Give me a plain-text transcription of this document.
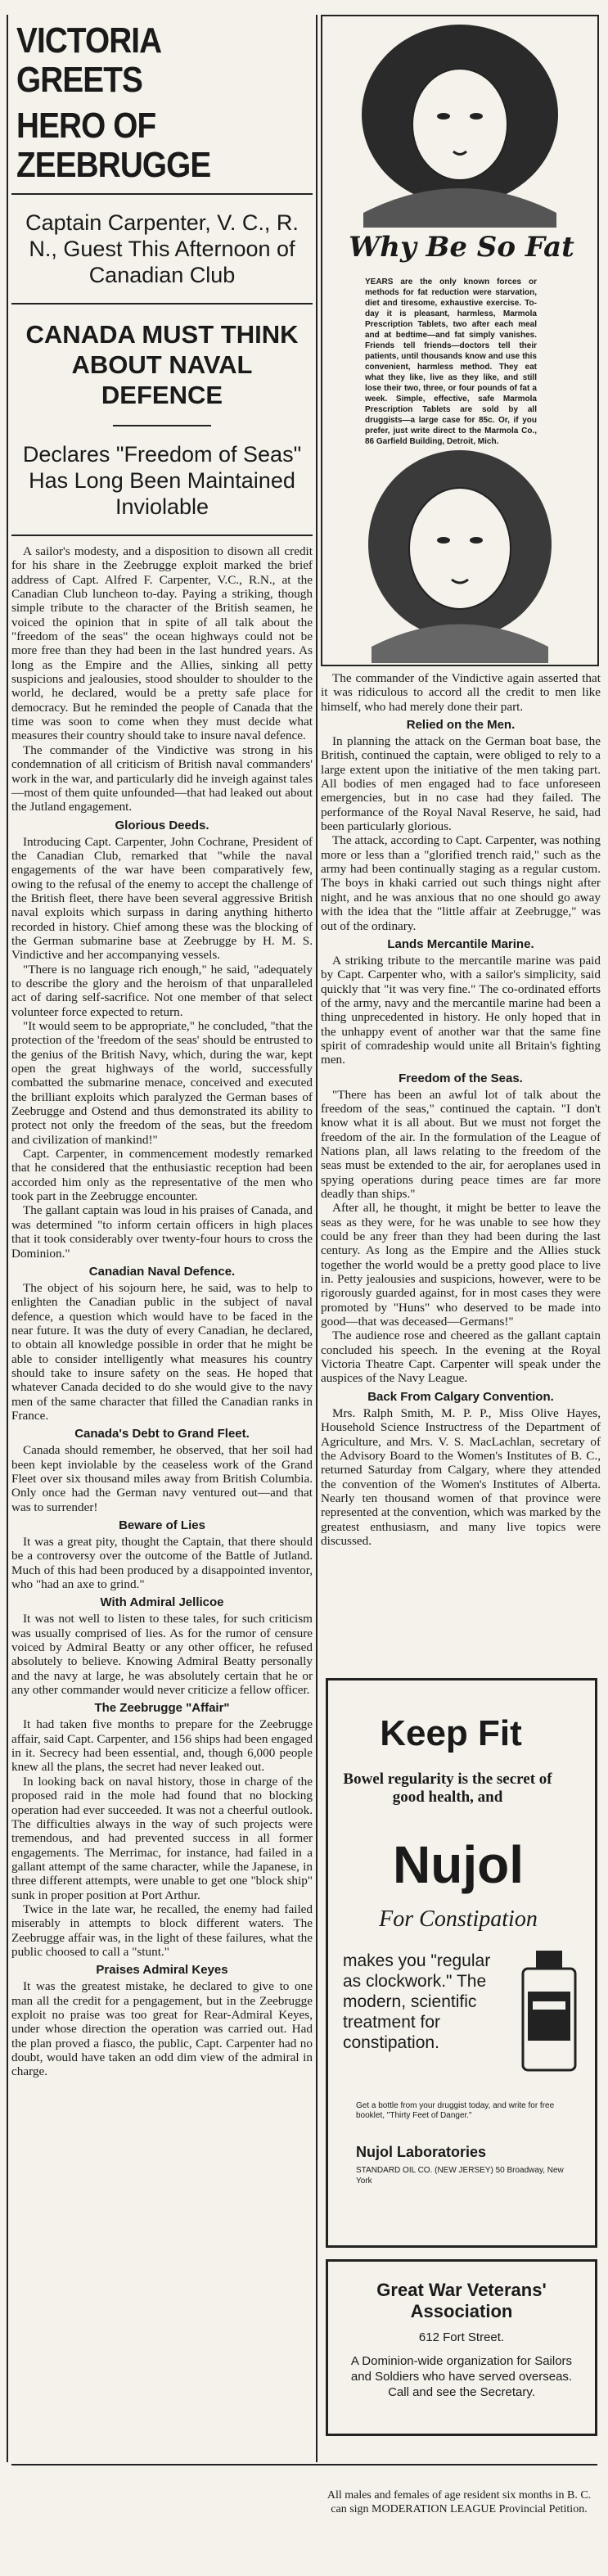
VICTORIA GREETS
HERO OF ZEEBRUGGE
Captain Carpenter, V. C., R. N., Guest This Afternoon of Canadian Club
CANADA MUST THINK ABOUT NAVAL DEFENCE
Declares "Freedom of Seas" Has Long Been Maintained Inviolable

A sailor's modesty, and a disposition to disown all credit for his share in the Zeebrugge exploit marked the brief address of Capt. Alfred F. Carpenter, V.C., R.N., at the Canadian Club luncheon to-day. Paying a striking, though simple tribute to the character of the British seamen, he voiced the opinion that in spite of all talk about the "freedom of the seas" the ocean highways could not be more free than they had been in the last hundred years. As long as the Empire and the Allies, sinking all petty suspicions and jealousies, stood shoulder to shoulder to the world, he declared, would be a pretty safe place for democracy. But he reminded the people of Canada that the time was soon to come when they must decide what measures their country should take to insure naval defence.

The commander of the Vindictive was strong in his condemnation of all criticism of British naval commanders' work in the war, and particularly did he inveigh against tales—most of them quite unfounded—that had leaked out about the Jutland engagement.

Glorious Deeds.

Introducing Capt. Carpenter, John Cochrane, President of the Canadian Club, remarked that "while the naval engagements of the war have been comparatively few, owing to the refusal of the enemy to accept the challenge of the British fleet, there have been several aggressive British naval exploits which surpass in daring anything hitherto recorded in history. Chief among these was the blocking of the German submarine base at Zeebrugge by H. M. S. Vindictive and her accompanying vessels.

"There is no language rich enough," he said, "adequately to describe the glory and the heroism of that unparalleled act of daring self-sacrifice. Not one member of that select volunteer force expected to return.

"It would seem to be appropriate," he concluded, "that the protection of the 'freedom of the seas' should be entrusted to the genius of the British Navy, which, during the war, kept open the great highways of the world, successfully combatted the submarine menace, conceived and executed the brilliant exploits which paralyzed the German bases of Zeebrugge and Ostend and thus demonstrated its ability to protect not only the freedom of the seas, but the freedom and civilization of mankind!"

Capt. Carpenter, in commencement modestly remarked that he considered that the enthusiastic reception had been accorded him only as the representative of the men who took part in the Zeebrugge encounter.

The gallant captain was loud in his praises of Canada, and was determined "to inform certain officers in high places that it took considerably over twenty-four hours to cross the Dominion."

Canadian Naval Defence.

The object of his sojourn here, he said, was to help to enlighten the Canadian public in the subject of naval defence, a question which would have to be faced in the near future. It was the duty of every Canadian, he declared, to obtain all knowledge possible in order that he might be able to consider intelligently what measures his country should take to insure safety on the seas. He hoped that whatever Canada decided to do she would give to the navy men of the same character that filled the Canadian ranks in France.

Canada's Debt to Grand Fleet.

Canada should remember, he observed, that her soil had been kept inviolable by the ceaseless work of the Grand Fleet over six thousand miles away from British Columbia. Only once had the German navy ventured out—and that was to surrender!

Beware of Lies

It was a great pity, thought the Captain, that there should be a controversy over the outcome of the Battle of Jutland. Much of this had been produced by a disappointed inventor, who "had an axe to grind."

With Admiral Jellicoe

It was not well to listen to these tales, for such criticism was usually comprised of lies. As for the rumor of censure voiced by Admiral Beatty or any other officer, he refused absolutely to believe. Knowing Admiral Beatty personally and the navy at large, he was absolutely certain that he or any other commander would never criticize a fellow officer.

The Zeebrugge "Affair"

It had taken five months to prepare for the Zeebrugge affair, said Capt. Carpenter, and 156 ships had been engaged in it. Secrecy had been essential, and, though 6,000 people knew all the plans, the secret had never leaked out.

In looking back on naval history, those in charge of the proposed raid in the mole had found that no blocking operation had ever succeeded. It was not a cheerful outlook. The difficulties always in the way of such projects were tremendous, and had prevented success in all former engagements. The Merrimac, for instance, had failed in a gallant attempt of the same character, while the Japanese, in three different attempts, were unable to get one "block ship" sunk in proper position at Port Arthur.

Twice in the late war, he recalled, the enemy had failed miserably in attempts to block different waters. The Zeebrugge affair was, in the light of these failures, what the public choosed to call a "stunt."

Praises Admiral Keyes

It was the greatest mistake, he declared to give to one man all the credit for a pengagement, but in the Zeebrugge exploit no praise was too great for Rear-Admiral Keyes, under whose direction the operation was carried out. Had the plan proved a fiasco, the public, Capt. Carpenter had no doubt, would have taken an odd dim view of the admiral in charge.

Why Be So Fat
YEARS are the only known forces or methods for fat reduction were starvation, diet and tiresome, exhaustive exercise. To-day it is pleasant, harmless, Marmola Prescription Tablets, two after each meal and at bedtime—and fat simply vanishes. Friends tell friends—doctors tell their patients, until thousands know and use this convenient, harmless method. They eat what they like, live as they like, and still lose their two, three, or four pounds of fat a week. Simple, effective, safe Marmola Prescription Tablets are sold by all druggists—a large case for 85c. Or, if you prefer, just write direct to the Marmola Co., 86 Garfield Building, Detroit, Mich.

The commander of the Vindictive again asserted that it was ridiculous to accord all the credit to men like himself, who had merely done their part.

Relied on the Men.

In planning the attack on the German boat base, the British, continued the captain, were obliged to rely to a large extent upon the initiative of the men taking part. All bodies of men engaged had to face unforeseen emergencies, but in no case had they failed. The performance of the Royal Naval Reserve, he said, had been particularly glorious.

The attack, according to Capt. Carpenter, was nothing more or less than a "glorified trench raid," such as the army had been continually staging as a regular custom. The boys in khaki carried out such things night after night, and he was anxious that no one should go away with the idea that the "little affair at Zeebrugge," was out of the ordinary.

Lands Mercantile Marine.

A striking tribute to the mercantile marine was paid by Capt. Carpenter who, with a sailor's simplicity, said quickly that "it was very fine." The co-ordinated efforts of the army, navy and the mercantile marine had been a thing unprecedented in history. He only hoped that in the unhappy event of another war that the same fine spirit of comradeship would unite all Britain's fighting men.

Freedom of the Seas.

"There has been an awful lot of talk about the freedom of the seas," continued the captain. "I don't know what it is all about. But we must not forget the freedom of the air. In the formulation of the League of Nations plan, all laws relating to the freedom of the seas must be extended to the air, for aeroplanes used in spying operations during peace times are far more deadly than ships."

After all, he thought, it might be better to leave the seas as they were, for he was unable to see how they could be any freer than they had been during the last century. As long as the Empire and the Allies stuck together the world would be a pretty good place to live in. Petty jealousies and suspicions, however, were to be rigorously guarded against, for in most cases they were promoted by "Huns" who deserved to be made into good—that was deceased—Germans!"

The audience rose and cheered as the gallant captain concluded his speech. In the evening at the Royal Victoria Theatre Capt. Carpenter will speak under the auspices of the Navy League.

Back From Calgary Convention.

Mrs. Ralph Smith, M. P. P., Miss Olive Hayes, Household Science Instructress of the Department of Agriculture, and Mrs. V. S. MacLachlan, secretary of the Advisory Board to the Women's Institutes of B. C., returned Saturday from Calgary, where they attended the convention of the Women's Institutes of Alberta. Nearly ten thousand women of that province were represented at the convention, which was marked by the greatest enthusiasm, and many live topics were discussed.

Keep Fit
Bowel regularity is the secret of good health, and
Nujol
For Constipation
makes you "regular as clockwork." The modern, scientific treatment for constipation.
Get a bottle from your druggist today, and write for free booklet, "Thirty Feet of Danger."
Nujol Laboratories
STANDARD OIL CO. (NEW JERSEY) 50 Broadway, New York
Great War Veterans' Association
612 Fort Street.
A Dominion-wide organization for Sailors and Soldiers who have served overseas. Call and see the Secretary.
All males and females of age resident six months in B. C. can sign MODERATION LEAGUE Provincial Petition.
